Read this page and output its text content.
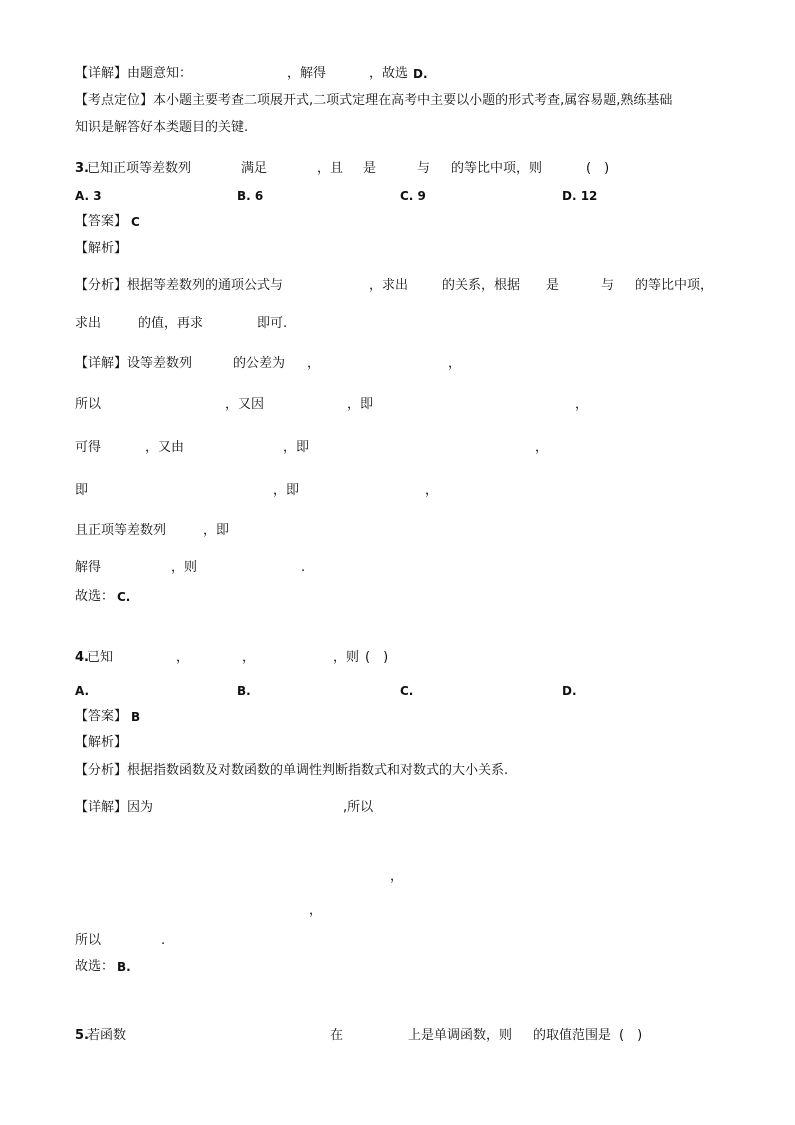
【详解】由题意知：	，解得	，故选 D.
【考点定位】本小题主要考查二项展开式,二项式定理在高考中主要以小题的形式考查,属容易题,熟练基础
知识是解答好本类题目的关键.
3.
已知正项等差数列	满足	，且 是	与 的等比中项，则	(　)
A. 3	B. 6	C. 9	D. 12
【答案】 C
【解析】
【分析】根据等差数列的通项公式与	，求出	的关系，根据 是	与 的等比中项，
求出	的值，再求	即可.
【详解】设等差数列	的公差为 ，	，
所以	，又因	，即	，
可得	，又由	，即	，
即	，即	，
且正项等差数列	，即
解得	，则	.
故选： C.
4.
已知	，	，	，则 (　)
A.	B.	C.	D.
【答案】 B
【解析】
【分析】根据指数函数及对数函数的单调性判断指数式和对数式的大小关系.
【详解】因为	,所以
，
，
所以	.
故选： B.
5.
若函数	在	上是单调函数，则 的取值范围是 (　)
